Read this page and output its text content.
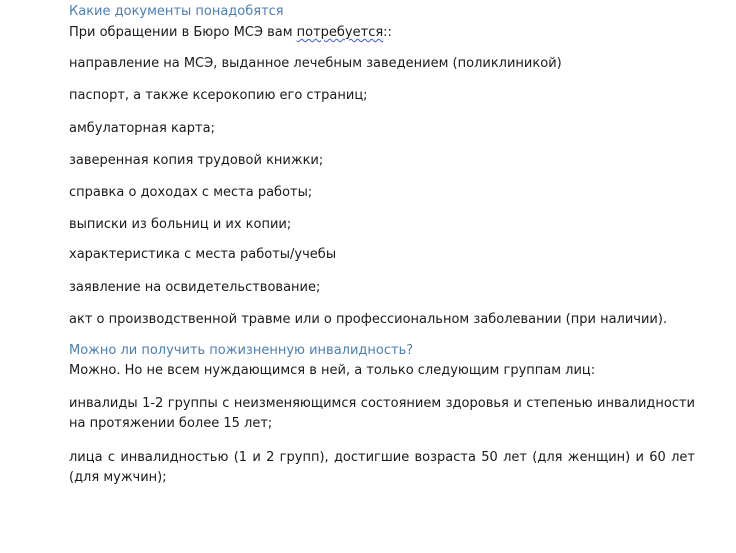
Какие документы понадобятся
При обращении в Бюро МСЭ вам потребуется::
направление на МСЭ, выданное лечебным заведением (поликлиникой)
паспорт, а также ксерокопию его страниц;
амбулаторная карта;
заверенная копия трудовой книжки;
справка о доходах с места работы;
выписки из больниц и их копии;
характеристика с места работы/учебы
заявление на освидетельствование;
акт о производственной травме или о профессиональном заболевании (при наличии).
Можно ли получить пожизненную инвалидность?
Можно. Но не всем нуждающимся в ней, а только следующим группам лиц:
инвалиды 1-2 группы с неизменяющимся состоянием здоровья и степенью инвалидности на протяжении более 15 лет;
лица с инвалидностью (1 и 2 групп), достигшие возраста 50 лет (для женщин) и 60 лет (для мужчин);
